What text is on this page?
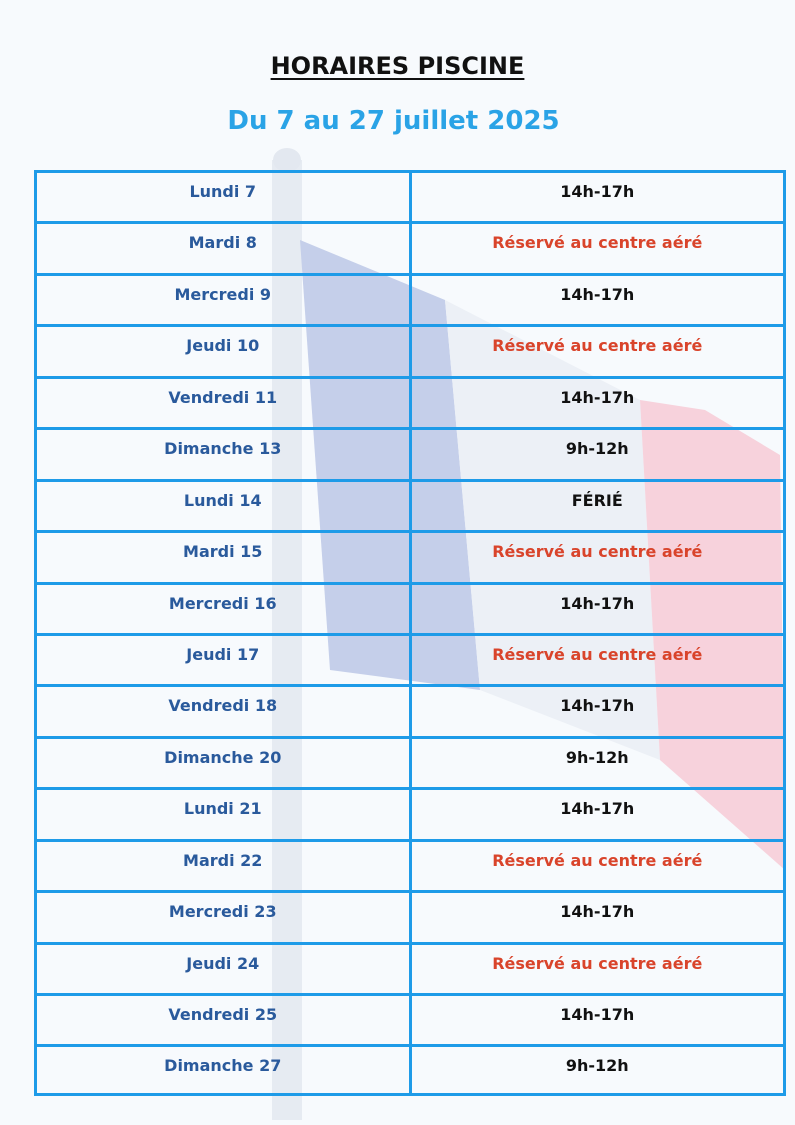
HORAIRES PISCINE
Du 7 au 27 juillet 2025
Lundi 7	14h-17h
Mardi 8	Réservé au centre aéré
Mercredi 9	14h-17h
Jeudi 10	Réservé au centre aéré
Vendredi 11	14h-17h
Dimanche 13	9h-12h
Lundi 14	FÉRIÉ
Mardi 15	Réservé au centre aéré
Mercredi 16	14h-17h
Jeudi 17	Réservé au centre aéré
Vendredi 18	14h-17h
Dimanche 20	9h-12h
Lundi 21	14h-17h
Mardi 22	Réservé au centre aéré
Mercredi 23	14h-17h
Jeudi 24	Réservé au centre aéré
Vendredi 25	14h-17h
Dimanche 27	9h-12h
